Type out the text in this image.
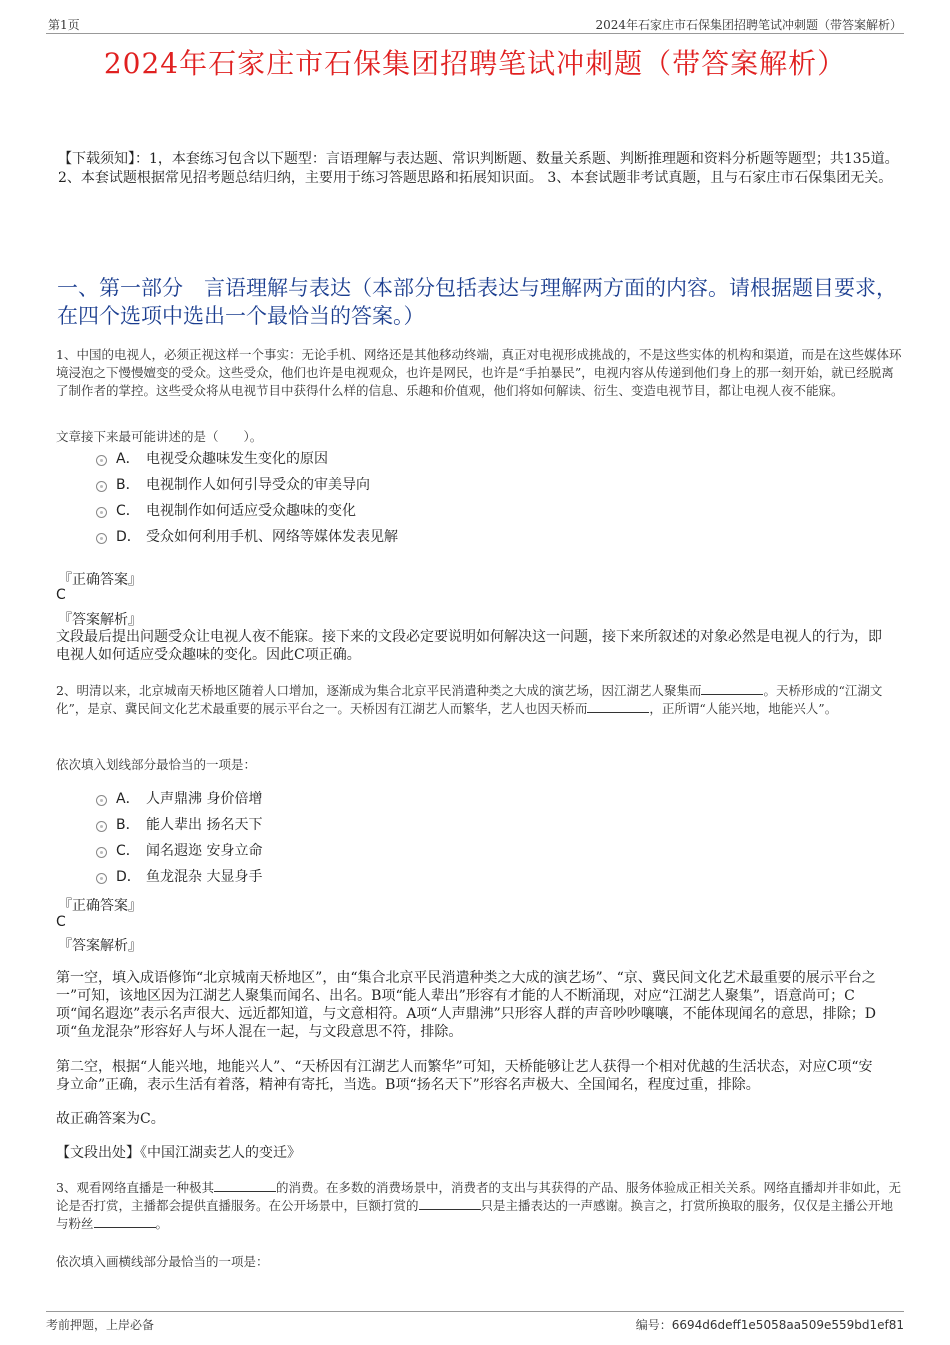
第1页	2024年石家庄市石保集团招聘笔试冲刺题（带答案解析）
2024年石家庄市石保集团招聘笔试冲刺题（带答案解析）
【下载须知】：1，本套练习包含以下题型：言语理解与表达题、常识判断题、数量关系题、判断推理题和资料分析题等题型；共135道。 2、本套试题根据常见招考题总结归纳，主要用于练习答题思路和拓展知识面。 3、本套试题非考试真题，且与石家庄市石保集团无关。
一、第一部分　言语理解与表达（本部分包括表达与理解两方面的内容。请根据题目要求，在四个选项中选出一个最恰当的答案。）
1、中国的电视人，必须正视这样一个事实：无论手机、网络还是其他移动终端，真正对电视形成挑战的，不是这些实体的机构和渠道，而是在这些媒体环境浸泡之下慢慢嬗变的受众。这些受众，他们也许是电视观众，也许是网民，也许是“手拍暴民”，电视内容从传递到他们身上的那一刻开始，就已经脱离了制作者的掌控。这些受众将从电视节目中获得什么样的信息、乐趣和价值观，他们将如何解读、衍生、变造电视节目，都让电视人夜不能寐。
文章接下来最可能讲述的是（　　）。
A． 电视受众趣味发生变化的原因
B． 电视制作人如何引导受众的审美导向
C． 电视制作如何适应受众趣味的变化
D． 受众如何利用手机、网络等媒体发表见解
『正确答案』
C
『答案解析』
文段最后提出问题受众让电视人夜不能寐。接下来的文段必定要说明如何解决这一问题，接下来所叙述的对象必然是电视人的行为，即电视人如何适应受众趣味的变化。因此C项正确。
2、明清以来，北京城南天桥地区随着人口增加，逐渐成为集合北京平民消遣种类之大成的演艺场，因江湖艺人聚集而	。天桥形成的“江湖文化”，是京、冀民间文化艺术最重要的展示平台之一。天桥因有江湖艺人而繁华，艺人也因天桥而	，正所谓“人能兴地，地能兴人”。
依次填入划线部分最恰当的一项是：
A． 人声鼎沸 身价倍增
B． 能人辈出 扬名天下
C． 闻名遐迩 安身立命
D． 鱼龙混杂 大显身手
『正确答案』
C
『答案解析』
第一空，填入成语修饰“北京城南天桥地区”，由“集合北京平民消遣种类之大成的演艺场”、“京、冀民间文化艺术最重要的展示平台之一”可知，该地区因为江湖艺人聚集而闻名、出名。B项“能人辈出”形容有才能的人不断涌现，对应“江湖艺人聚集”，语意尚可；C项“闻名遐迩”表示名声很大、远近都知道，与文意相符。A项“人声鼎沸”只形容人群的声音吵吵嚷嚷，不能体现闻名的意思，排除；D项“鱼龙混杂”形容好人与坏人混在一起，与文段意思不符，排除。
第二空，根据“人能兴地，地能兴人”、“天桥因有江湖艺人而繁华”可知，天桥能够让艺人获得一个相对优越的生活状态，对应C项“安身立命”正确，表示生活有着落，精神有寄托，当选。B项“扬名天下”形容名声极大、全国闻名，程度过重，排除。
故正确答案为C。
【文段出处】《中国江湖卖艺人的变迁》
3、观看网络直播是一种极其	的消费。在多数的消费场景中，消费者的支出与其获得的产品、服务体验成正相关关系。网络直播却并非如此，无论是否打赏，主播都会提供直播服务。在公开场景中，巨额打赏的	只是主播表达的一声感谢。换言之，打赏所换取的服务，仅仅是主播公开地与粉丝	。
依次填入画横线部分最恰当的一项是：
考前押题，上岸必备	编号：6694d6deff1e5058aa509e559bd1ef81
